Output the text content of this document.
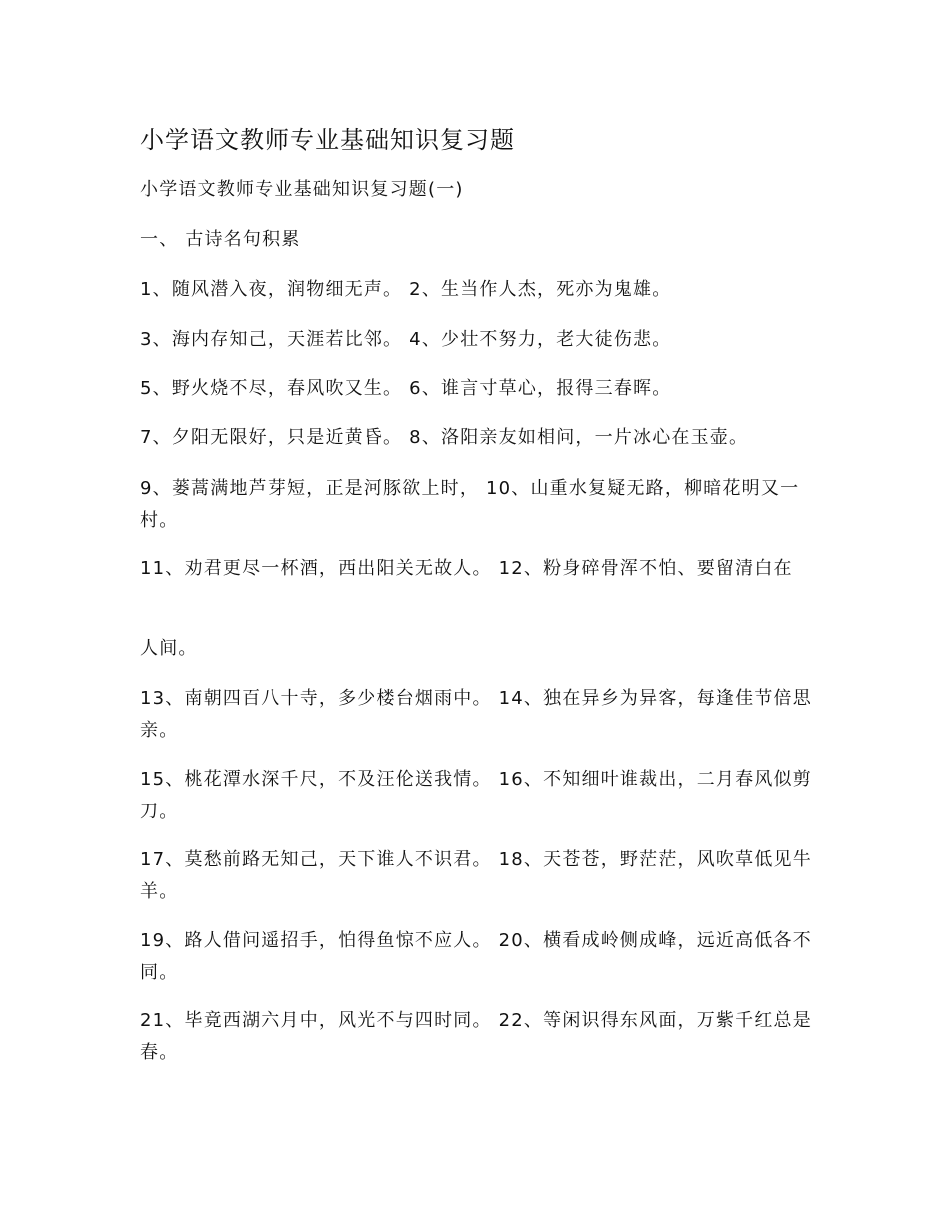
小学语文教师专业基础知识复习题

小学语文教师专业基础知识复习题(一)

一、 古诗名句积累

1、随风潜入夜，润物细无声。 2、生当作人杰，死亦为鬼雄。

3、海内存知己，天涯若比邻。 4、少壮不努力，老大徒伤悲。

5、野火烧不尽，春风吹又生。 6、谁言寸草心，报得三春晖。

7、夕阳无限好，只是近黄昏。 8、洛阳亲友如相问，一片冰心在玉壶。

9、蒌蒿满地芦芽短，正是河豚欲上时， 10、山重水复疑无路，柳暗花明又一村。

11、劝君更尽一杯酒，西出阳关无故人。 12、粉身碎骨浑不怕、要留清白在

人间。

13、南朝四百八十寺，多少楼台烟雨中。 14、独在异乡为异客，每逢佳节倍思亲。

15、桃花潭水深千尺，不及汪伦送我情。 16、不知细叶谁裁出，二月春风似剪刀。

17、莫愁前路无知己，天下谁人不识君。 18、天苍苍，野茫茫，风吹草低见牛羊。

19、路人借问遥招手，怕得鱼惊不应人。 20、横看成岭侧成峰，远近高低各不同。

21、毕竟西湖六月中，风光不与四时同。 22、等闲识得东风面，万紫千红总是春。
